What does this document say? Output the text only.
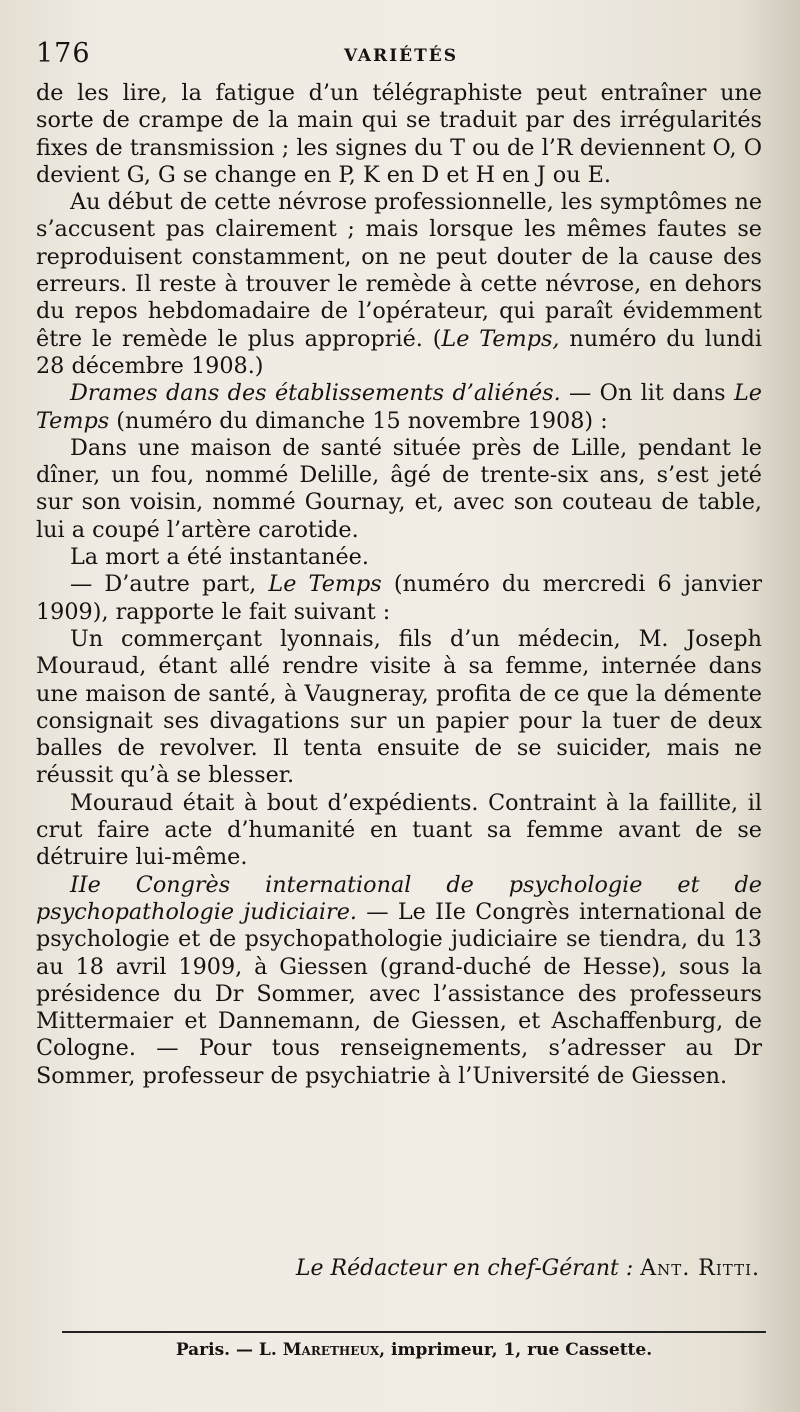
176	VARIÉTÉS

de les lire, la fatigue d’un télégraphiste peut entraîner une sorte de crampe de la main qui se traduit par des irrégularités fixes de transmission ; les signes du T ou de l’R deviennent O, O devient G, G se change en P, K en D et H en J ou E.

Au début de cette névrose professionnelle, les symptômes ne s’accusent pas clairement ; mais lorsque les mêmes fautes se reproduisent constamment, on ne peut douter de la cause des erreurs. Il reste à trouver le remède à cette névrose, en dehors du repos hebdomadaire de l’opérateur, qui paraît évidemment être le remède le plus approprié. (Le Temps, numéro du lundi 28 décembre 1908.)

Drames dans des établissements d’aliénés. — On lit dans Le Temps (numéro du dimanche 15 novembre 1908) :

Dans une maison de santé située près de Lille, pendant le dîner, un fou, nommé Delille, âgé de trente-six ans, s’est jeté sur son voisin, nommé Gournay, et, avec son couteau de table, lui a coupé l’artère carotide.

La mort a été instantanée.

— D’autre part, Le Temps (numéro du mercredi 6 janvier 1909), rapporte le fait suivant :

Un commerçant lyonnais, fils d’un médecin, M. Joseph Mouraud, étant allé rendre visite à sa femme, internée dans une maison de santé, à Vaugneray, profita de ce que la démente consignait ses divagations sur un papier pour la tuer de deux balles de revolver. Il tenta ensuite de se suicider, mais ne réussit qu’à se blesser.

Mouraud était à bout d’expédients. Contraint à la faillite, il crut faire acte d’humanité en tuant sa femme avant de se détruire lui-même.

IIe Congrès international de psychologie et de psychopathologie judiciaire. — Le IIe Congrès international de psychologie et de psychopathologie judiciaire se tiendra, du 13 au 18 avril 1909, à Giessen (grand-duché de Hesse), sous la présidence du Dr Sommer, avec l’assistance des professeurs Mittermaier et Dannemann, de Giessen, et Aschaffenburg, de Cologne. — Pour tous renseignements, s’adresser au Dr Sommer, professeur de psychiatrie à l’Université de Giessen.

Le Rédacteur en chef-Gérant : Ant. Ritti.
Paris. — L. Maretheux, imprimeur, 1, rue Cassette.
